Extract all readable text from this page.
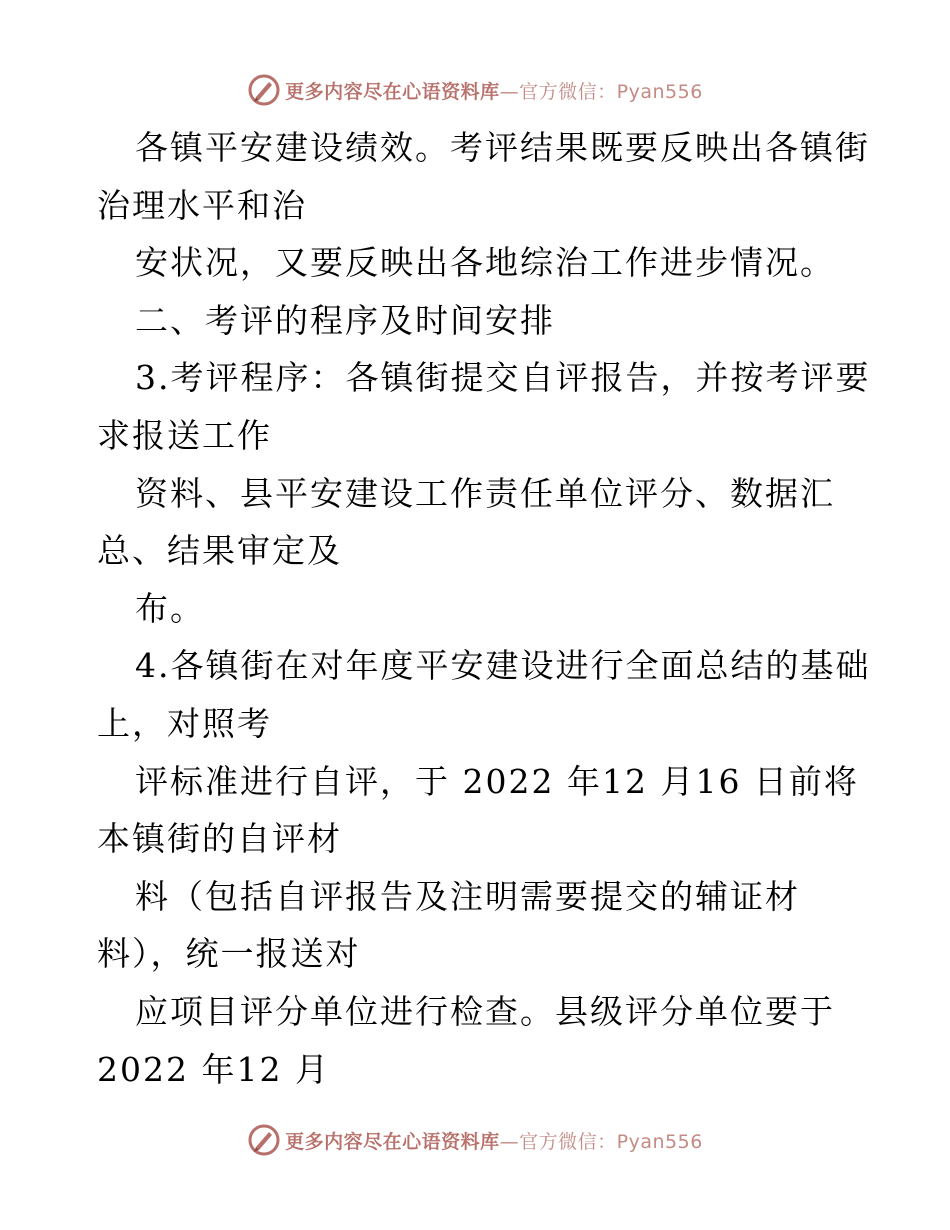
更多内容尽在心语资料库—官方微信：Pyan556
各镇平安建设绩效。考评结果既要反映出各镇街
治理水平和治
安状况，又要反映出各地综治工作进步情况。
二、考评的程序及时间安排
3.考评程序：各镇街提交自评报告，并按考评要
求报送工作
资料、县平安建设工作责任单位评分、数据汇
总、结果审定及
布。
4.各镇街在对年度平安建设进行全面总结的基础
上，对照考
评标准进行自评，于 2022 年12 月16 日前将
本镇街的自评材
料（包括自评报告及注明需要提交的辅证材
料），统一报送对
应项目评分单位进行检查。县级评分单位要于
2022 年12 月
更多内容尽在心语资料库—官方微信：Pyan556
